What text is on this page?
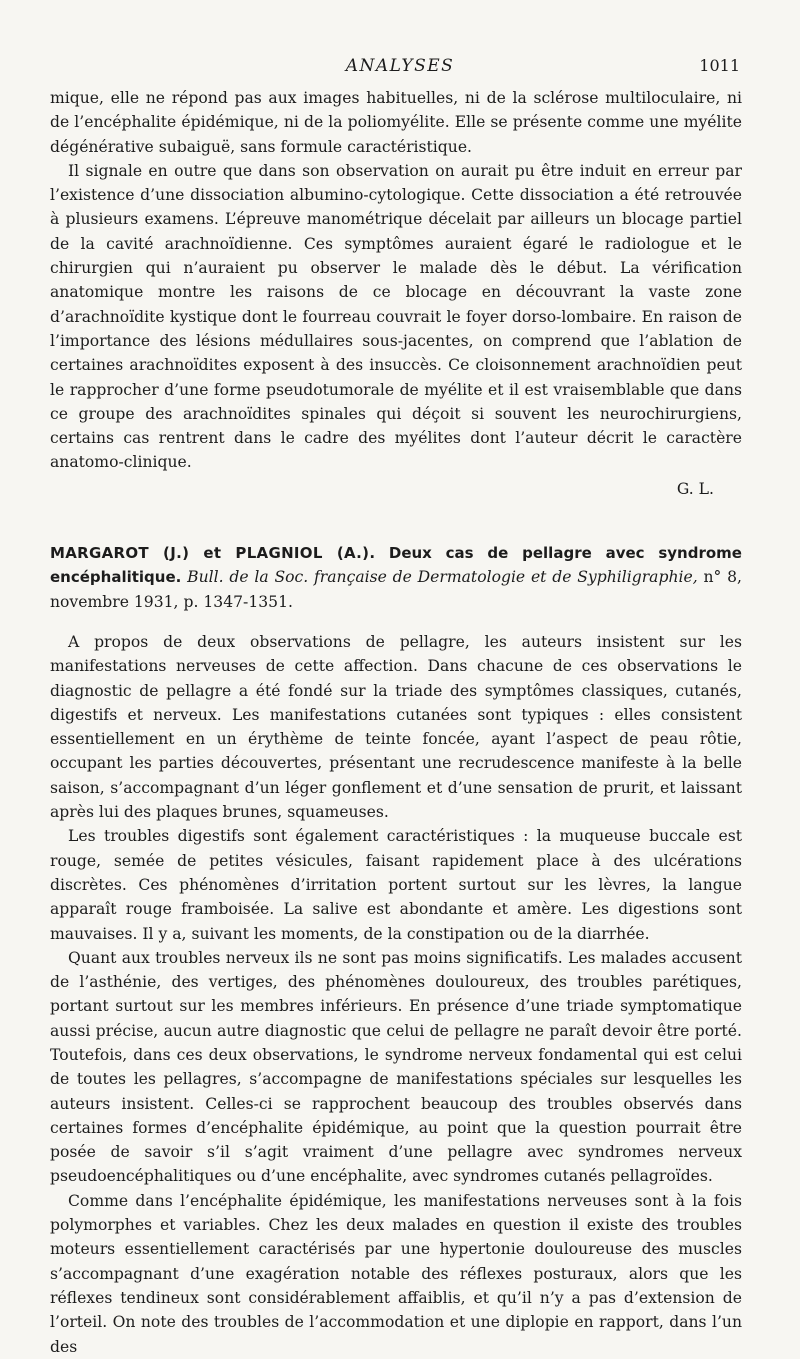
ANALYSES	1011

mique, elle ne répond pas aux images habituelles, ni de la sclérose multiloculaire, ni de l’encéphalite épidémique, ni de la poliomyélite. Elle se présente comme une myélite dégénérative subaiguë, sans formule caractéristique.

Il signale en outre que dans son observation on aurait pu être induit en erreur par l’existence d’une dissociation albumino-cytologique. Cette dissociation a été retrouvée à plusieurs examens. L’épreuve manométrique décelait par ailleurs un blocage partiel de la cavité arachnoïdienne. Ces symptômes auraient égaré le radiologue et le chirurgien qui n’auraient pu observer le malade dès le début. La vérification anatomique montre les raisons de ce blocage en découvrant la vaste zone d’arachnoïdite kystique dont le fourreau couvrait le foyer dorso-lombaire. En raison de l’importance des lésions médullaires sous-jacentes, on comprend que l’ablation de certaines arachnoïdites exposent à des insuccès. Ce cloisonnement arachnoïdien peut le rapprocher d’une forme pseudotumorale de myélite et il est vraisemblable que dans ce groupe des arachnoïdites spinales qui déçoit si souvent les neurochirurgiens, certains cas rentrent dans le cadre des myélites dont l’auteur décrit le caractère anatomo-clinique.

G. L.
MARGAROT (J.) et PLAGNIOL (A.). Deux cas de pellagre avec syndrome encéphalitique. Bull. de la Soc. française de Dermatologie et de Syphiligraphie, n° 8, novembre 1931, p. 1347-1351.

A propos de deux observations de pellagre, les auteurs insistent sur les manifestations nerveuses de cette affection. Dans chacune de ces observations le diagnostic de pellagre a été fondé sur la triade des symptômes classiques, cutanés, digestifs et nerveux. Les manifestations cutanées sont typiques : elles consistent essentiellement en un érythème de teinte foncée, ayant l’aspect de peau rôtie, occupant les parties découvertes, présentant une recrudescence manifeste à la belle saison, s’accompagnant d’un léger gonflement et d’une sensation de prurit, et laissant après lui des plaques brunes, squameuses.

Les troubles digestifs sont également caractéristiques : la muqueuse buccale est rouge, semée de petites vésicules, faisant rapidement place à des ulcérations discrètes. Ces phénomènes d’irritation portent surtout sur les lèvres, la langue apparaît rouge framboisée. La salive est abondante et amère. Les digestions sont mauvaises. Il y a, suivant les moments, de la constipation ou de la diarrhée.

Quant aux troubles nerveux ils ne sont pas moins significatifs. Les malades accusent de l’asthénie, des vertiges, des phénomènes douloureux, des troubles parétiques, portant surtout sur les membres inférieurs. En présence d’une triade symptomatique aussi précise, aucun autre diagnostic que celui de pellagre ne paraît devoir être porté. Toutefois, dans ces deux observations, le syndrome nerveux fondamental qui est celui de toutes les pellagres, s’accompagne de manifestations spéciales sur lesquelles les auteurs insistent. Celles-ci se rapprochent beaucoup des troubles observés dans certaines formes d’encéphalite épidémique, au point que la question pourrait être posée de savoir s’il s’agit vraiment d’une pellagre avec syndromes nerveux pseudoencéphalitiques ou d’une encéphalite, avec syndromes cutanés pellagroïdes.

Comme dans l’encéphalite épidémique, les manifestations nerveuses sont à la fois polymorphes et variables. Chez les deux malades en question il existe des troubles moteurs essentiellement caractérisés par une hypertonie douloureuse des muscles s’accompagnant d’une exagération notable des réflexes posturaux, alors que les réflexes tendineux sont considérablement affaiblis, et qu’il n’y a pas d’extension de l’orteil. On note des troubles de l’accommodation et une diplopie en rapport, dans l’un des
